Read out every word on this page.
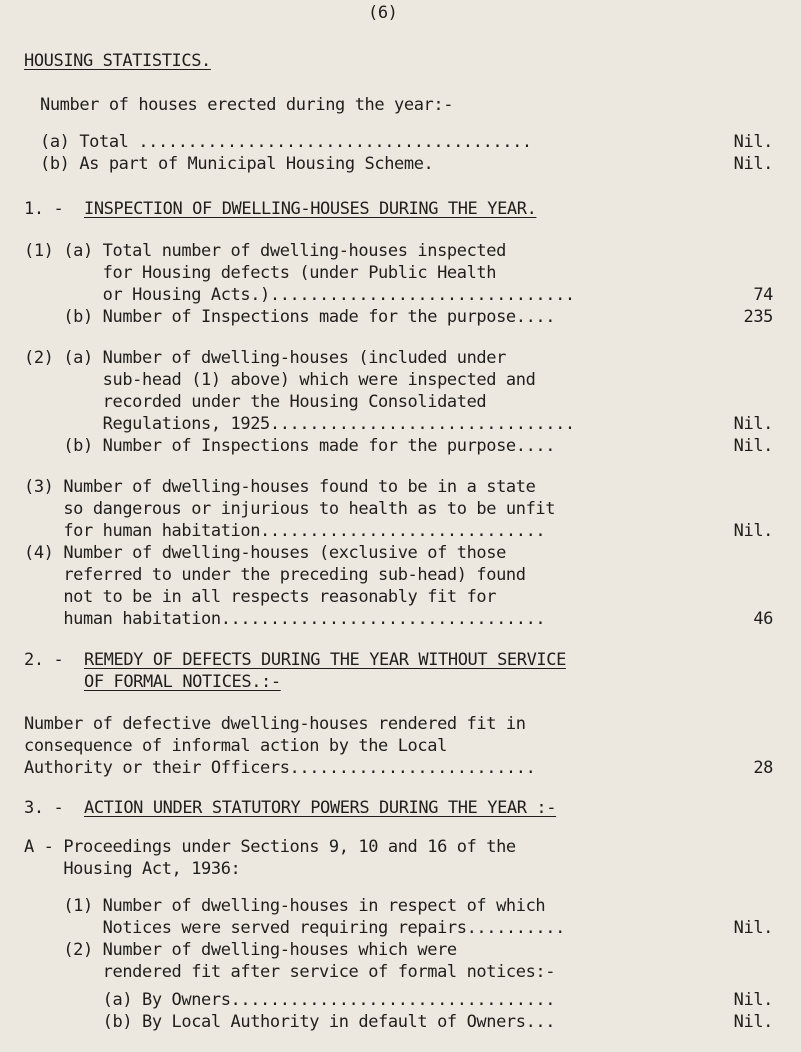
(6)
HOUSING STATISTICS.
Number of houses erected during the year:-
(a) Total ........................................	Nil.
(b) As part of Municipal Housing Scheme.	Nil.
1. - INSPECTION OF DWELLING-HOUSES DURING THE YEAR.
(1) (a) Total number of dwelling-houses inspected
for Housing defects (under Public Health
or Housing Acts.)...............................	74
(b) Number of Inspections made for the purpose....	235
(2) (a) Number of dwelling-houses (included under
sub-head (1) above) which were inspected and
recorded under the Housing Consolidated
Regulations, 1925...............................	Nil.
(b) Number of Inspections made for the purpose....	Nil.
(3) Number of dwelling-houses found to be in a state
so dangerous or injurious to health as to be unfit
for human habitation.............................	Nil.
(4) Number of dwelling-houses (exclusive of those
referred to under the preceding sub-head) found
not to be in all respects reasonably fit for
human habitation.................................	46
2. - REMEDY OF DEFECTS DURING THE YEAR WITHOUT SERVICE
OF FORMAL NOTICES.:-
Number of defective dwelling-houses rendered fit in
consequence of informal action by the Local
Authority or their Officers.........................	28
3. - ACTION UNDER STATUTORY POWERS DURING THE YEAR :-
A - Proceedings under Sections 9, 10 and 16 of the
Housing Act, 1936:
(1) Number of dwelling-houses in respect of which
Notices were served requiring repairs..........	Nil.
(2) Number of dwelling-houses which were
rendered fit after service of formal notices:-
(a) By Owners.................................	Nil.
(b) By Local Authority in default of Owners...	Nil.
